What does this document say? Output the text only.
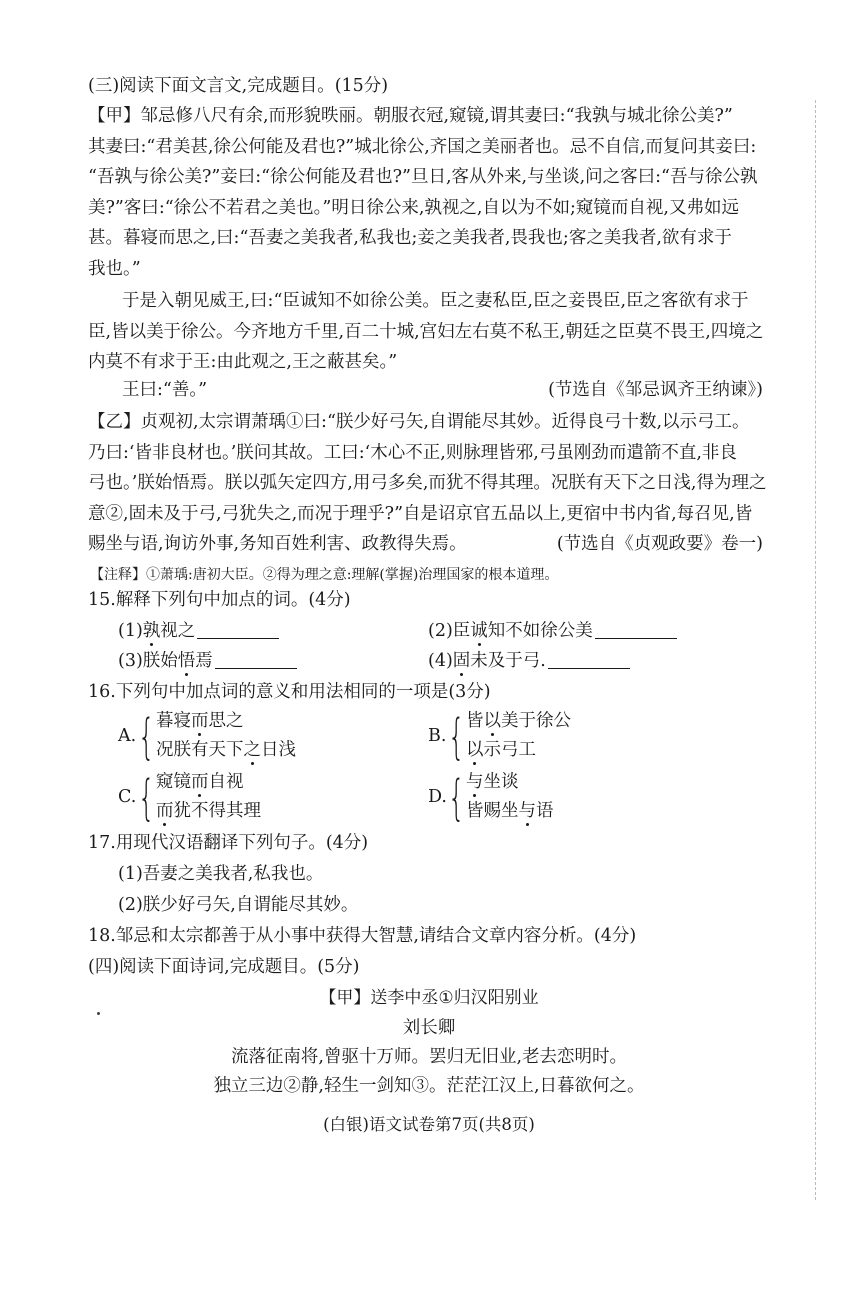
(三)阅读下面文言文,完成题目。(15分)
【甲】邹忌修八尺有余,而形貌昳丽。朝服衣冠,窥镜,谓其妻曰:“我孰与城北徐公美?”
其妻曰:“君美甚,徐公何能及君也?”城北徐公,齐国之美丽者也。忌不自信,而复问其妾曰:
“吾孰与徐公美?”妾曰:“徐公何能及君也?”旦日,客从外来,与坐谈,问之客曰:“吾与徐公孰
美?”客曰:“徐公不若君之美也。”明日徐公来,孰视之,自以为不如;窥镜而自视,又弗如远
甚。暮寝而思之,曰:“吾妻之美我者,私我也;妾之美我者,畏我也;客之美我者,欲有求于
我也。”
于是入朝见威王,曰:“臣诚知不如徐公美。臣之妻私臣,臣之妾畏臣,臣之客欲有求于
臣,皆以美于徐公。今齐地方千里,百二十城,宫妇左右莫不私王,朝廷之臣莫不畏王,四境之
内莫不有求于王:由此观之,王之蔽甚矣。”
王曰:“善。”	(节选自《邹忌讽齐王纳谏》)
【乙】贞观初,太宗谓萧瑀①曰:“朕少好弓矢,自谓能尽其妙。近得良弓十数,以示弓工。
乃曰:‘皆非良材也。’朕问其故。工曰:‘木心不正,则脉理皆邪,弓虽刚劲而遣箭不直,非良
弓也。’朕始悟焉。朕以弧矢定四方,用弓多矣,而犹不得其理。况朕有天下之日浅,得为理之
意②,固未及于弓,弓犹失之,而况于理乎?”自是诏京官五品以上,更宿中书内省,每召见,皆
赐坐与语,询访外事,务知百姓利害、政教得失焉。	(节选自《贞观政要》卷一)
【注释】①萧瑀:唐初大臣。②得为理之意:理解(掌握)治理国家的根本道理。
15.解释下列句中加点的词。(4分)
(1)孰视之	(2)臣诚知不如徐公美
(3)朕始悟焉	(4)固未及于弓.
16.下列句中加点词的意义和用法相同的一项是(3分)
A. { 暮寝而思之
况朕有天下之日浅
B. { 皆以美于徐公
以示弓工
C. { 窥镜而自视
而犹不得其理
D. { 与坐谈
皆赐坐与语
17.用现代汉语翻译下列句子。(4分)
(1)吾妻之美我者,私我也。
(2)朕少好弓矢,自谓能尽其妙。
18.邹忌和太宗都善于从小事中获得大智慧,请结合文章内容分析。(4分)
(四)阅读下面诗词,完成题目。(5分)
【甲】送李中丞①归汉阳别业
刘长卿
流落征南将,曾驱十万师。罢归无旧业,老去恋明时。
独立三边②静,轻生一剑知③。茫茫江汉上,日暮欲何之。
(白银)语文试卷第7页(共8页)
